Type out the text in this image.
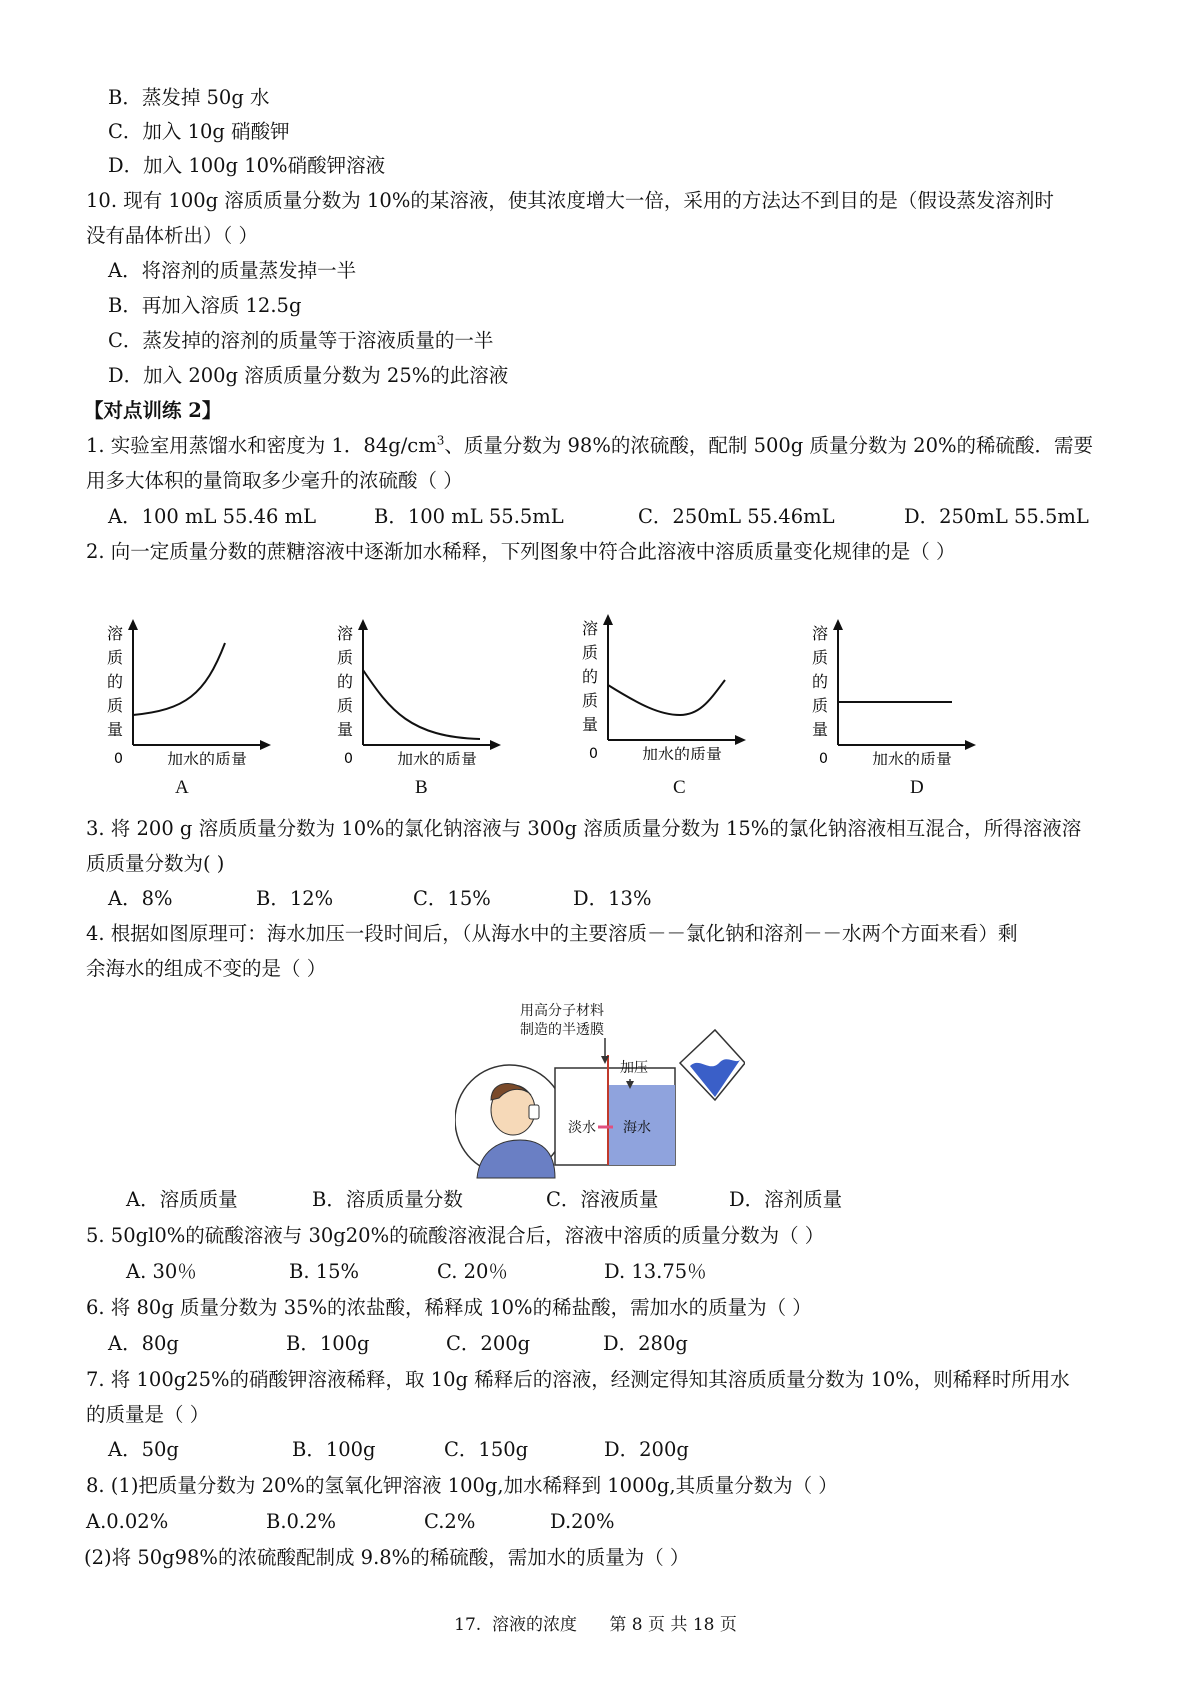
B．蒸发掉 50g 水
C．加入 10g 硝酸钾
D．加入 100g 10%硝酸钾溶液
10. 现有 100g 溶质质量分数为 10%的某溶液，使其浓度增大一倍，采用的方法达不到目的是（假设蒸发溶剂时
没有晶体析出）（ ）
A．将溶剂的质量蒸发掉一半
B．再加入溶质 12.5g
C．蒸发掉的溶剂的质量等于溶液质量的一半
D．加入 200g 溶质质量分数为 25%的此溶液
【对点训练 2】
1. 实验室用蒸馏水和密度为 1．$84g/cm^3$、质量分数为 98%的浓硫酸，配制 500g 质量分数为 20%的稀硫酸．需要
用多大体积的量筒取多少毫升的浓硫酸（ ）
A．100 mL 55.46 mL	B．100 mL 55.5mL	C．250mL 55.46mL	D．250mL 55.5mL
2. 向一定质量分数的蔗糖溶液中逐渐加水稀释，下列图象中符合此溶液中溶质质量变化规律的是（ ）
溶
质
的
质
量
0	加水的质量
溶
质
的
质
量
0	加水的质量
溶
质
的
质
量
0	加水的质量
溶
质
的
质
量
0	加水的质量
A	B	C	D
3. 将 200 g 溶质质量分数为 10%的氯化钠溶液与 300g 溶质质量分数为 15%的氯化钠溶液相互混合，所得溶液溶
质质量分数为( )
A．8%	B．12%	C．15%	D．13%
4. 根据如图原理可：海水加压一段时间后，（从海水中的主要溶质－－氯化钠和溶剂－－水两个方面来看）剩
余海水的组成不变的是（ ）
用高分子材料
制造的半透膜
加压
淡水 海水
A．溶质质量	B．溶质质量分数	C．溶液质量	D．溶剂质量
5. 50gl0%的硫酸溶液与 30g20%的硫酸溶液混合后，溶液中溶质的质量分数为（ ）
A. 30％	B. 15%	C. 20％	D. 13.75％
6. 将 80g 质量分数为 35%的浓盐酸，稀释成 10%的稀盐酸，需加水的质量为（ ）
A．80g	B．100g	C．200g	D．280g
7. 将 100g25%的硝酸钾溶液稀释，取 10g 稀释后的溶液，经测定得知其溶质质量分数为 10%，则稀释时所用水
的质量是（ ）
A．50g	B．100g	C．150g	D．200g
8. (1)把质量分数为 20%的氢氧化钾溶液 100g,加水稀释到 1000g,其质量分数为（ ）
A.0.02%	B.0.2%	C.2%	D.20%
(2)将 50g98%的浓硫酸配制成 9.8%的稀硫酸，需加水的质量为（ ）
17.  溶液的浓度      第 8 页 共 18 页
